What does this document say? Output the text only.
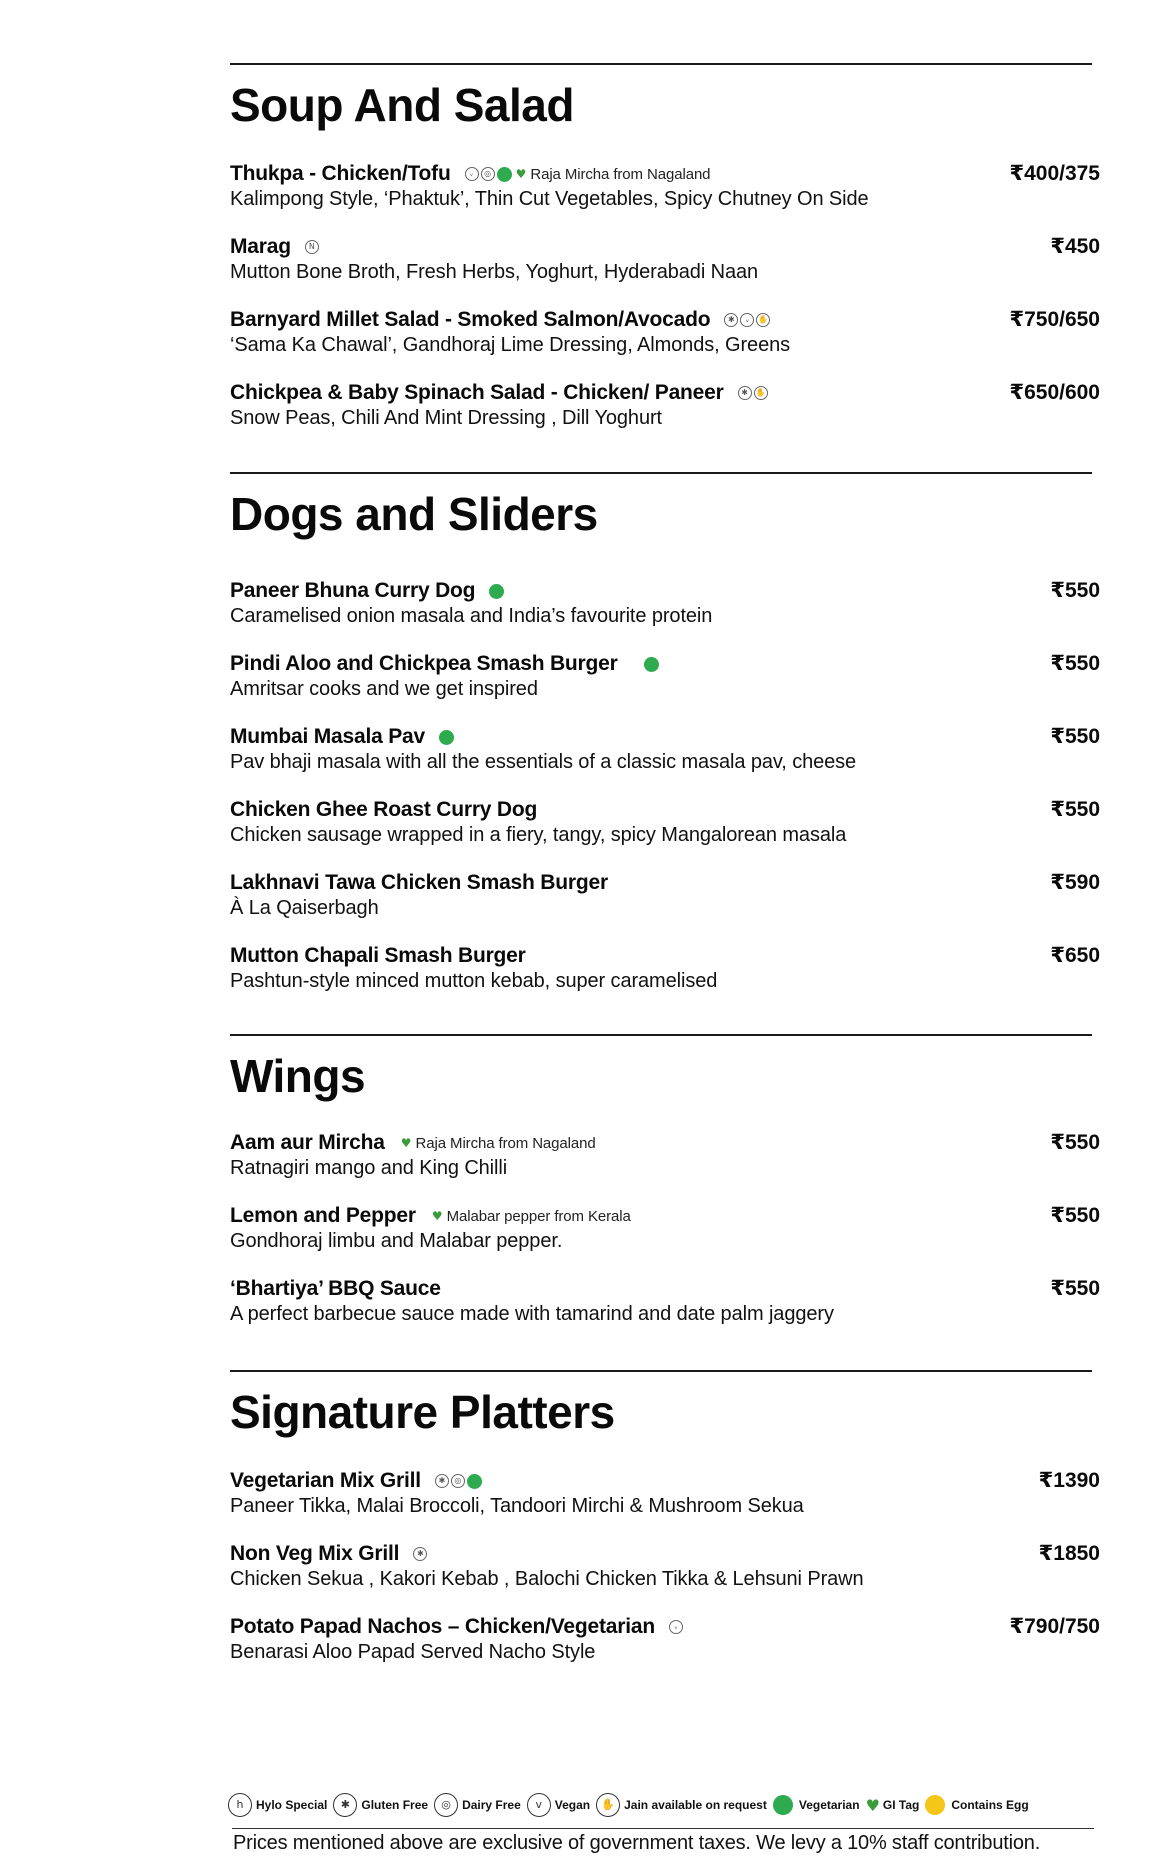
Soup And Salad
Thukpa - Chicken/Tofu	ᵥ	◎ ♥ Raja Mircha from Nagaland
Kalimpong Style, ‘Phaktuk’, Thin Cut Vegetables, Spicy Chutney On Side
₹400/375
Marag	N
Mutton Bone Broth, Fresh Herbs, Yoghurt, Hyderabadi Naan
₹450
Barnyard Millet Salad - Smoked Salmon/Avocado	✱	ᵥ	✋
‘Sama Ka Chawal’, Gandhoraj Lime Dressing, Almonds, Greens
₹750/650
Chickpea & Baby Spinach Salad - Chicken/ Paneer	✱ ✋
Snow Peas, Chili And Mint Dressing , Dill Yoghurt
₹650/600
Dogs and Sliders
Paneer Bhuna Curry Dog
Caramelised onion masala and India’s favourite protein
₹550
Pindi Aloo and Chickpea Smash Burger
Amritsar cooks and we get inspired
₹550
Mumbai Masala Pav
Pav bhaji masala with all the essentials of a classic masala pav, cheese
₹550
Chicken Ghee Roast Curry Dog
Chicken sausage wrapped in a fiery, tangy, spicy Mangalorean masala
₹550
Lakhnavi Tawa Chicken Smash Burger
À La Qaiserbagh
₹590
Mutton Chapali Smash Burger
Pashtun-style minced mutton kebab, super caramelised
₹650
Wings
Aam aur Mircha ♥ Raja Mircha from Nagaland
Ratnagiri mango and King Chilli
₹550
Lemon and Pepper ♥ Malabar pepper from Kerala
Gondhoraj limbu and Malabar pepper.
₹550
‘Bhartiya’ BBQ Sauce
A perfect barbecue sauce made with tamarind and date palm jaggery
₹550
Signature Platters
Vegetarian Mix Grill	✱	◎
Paneer Tikka, Malai Broccoli, Tandoori Mirchi & Mushroom Sekua
₹1390
Non Veg Mix Grill	✱
Chicken Sekua , Kakori Kebab , Balochi Chicken Tikka & Lehsuni Prawn
₹1850
Potato Papad Nachos – Chicken/Vegetarian	ᵥ
Benarasi Aloo Papad Served Nacho Style
₹790/750
h	Hylo Special	✱ Gluten Free	◎ Dairy Free	v	Vegan	✋ Jain available on request	Vegetarian ♥ GI Tag	Contains Egg
Prices mentioned above are exclusive of government taxes. We levy a 10% staff contribution.
